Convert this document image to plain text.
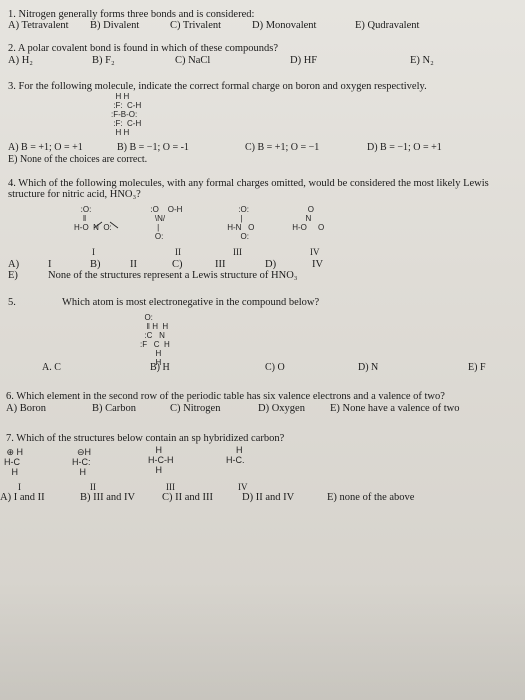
1. Nitrogen generally forms three bonds and is considered:
A) Tetravalent B) Divalent	C) Trivalent	D) Monovalent	E) Qudravalent
2. A polar covalent bond is found in which of these compounds?
A) H₂	B) F₂	C) NaCl	D) HF	E) N₂
3. For the following molecule, indicate the correct formal charge on boron and oxygen respectively.
H H
:F:  C-H
:F-B-O:
:F:  C-H
H H
A) B = +1; O = +1	B) B = −1; O = -1	C) B = +1; O = −1	D) B = −1; O = +1
E) None of the choices are correct.
4. Which of the following molecules, with any formal charges omitted, would be considered the most likely Lewis
structure for nitric acid, HNO₃?
:O:
‖
H-O  N  O:

:O    O-H
\N/
|
O:
:O:
|
H-N   O
O:
O
N
H-O     O
I	II	III	IV
A)	I	B)	II	C)	III	D)	IV
E)	None of the structures represent a Lewis structure of HNO₃
5.	Which atom is most electronegative in the compound below?
O:
‖ H  H
:C   N
:F   C  H
H
H
A. C	B) H	C) O	D) N	E) F
6. Which element in the second row of the periodic table has six valence electrons and a valence of two?
A) Boron	B) Carbon	C) Nitrogen	D) Oxygen E) None have a valence of two
7. Which of the structures below contain an sp hybridized carbon?
⊕ H
H-C
H
⊖H
H-C:
H
H
H-C-H
H
H
H-C.

I	II	III	IV
A) I and II	B) III and IV	C) II and III	D) II and IV	E) none of the above
